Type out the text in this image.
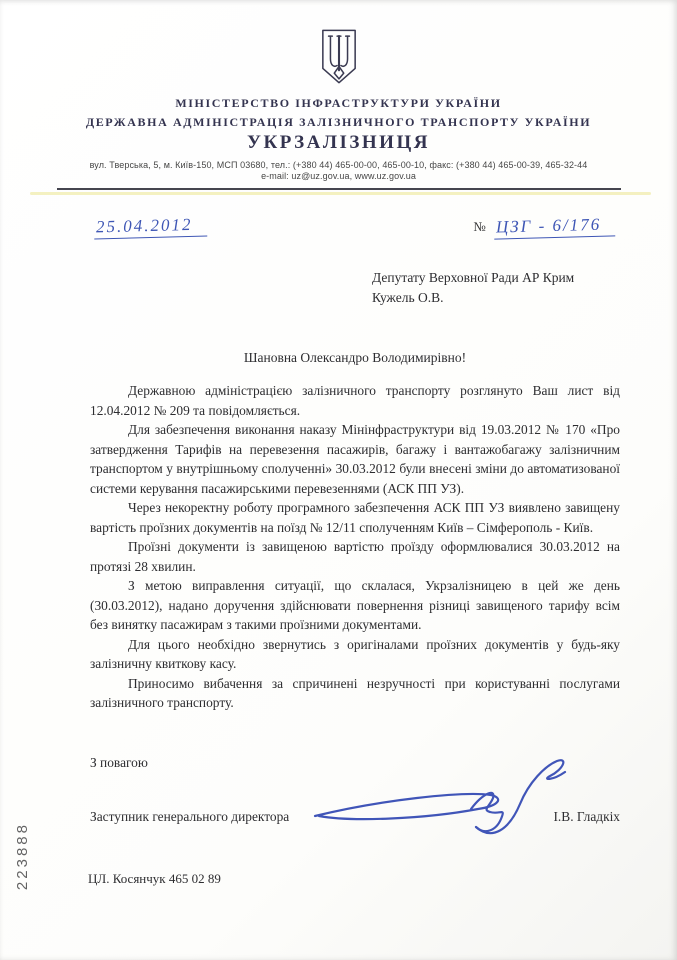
МІНІСТЕРСТВО ІНФРАСТРУКТУРИ УКРАЇНИ
ДЕРЖАВНА АДМІНІСТРАЦІЯ ЗАЛІЗНИЧНОГО ТРАНСПОРТУ УКРАЇНИ
УКРЗАЛІЗНИЦЯ
вул. Тверська, 5, м. Київ-150, МСП 03680, тел.: (+380 44) 465-00-00, 465-00-10, факс: (+380 44) 465-00-39, 465-32-44
e-mail: uz@uz.gov.ua, www.uz.gov.ua
25.04.2012	№ ЦЗГ - 6/176
Депутату Верховної Ради АР Крим
Кужель О.В.
Шановна Олександро Володимирівно!

Державною адміністрацією залізничного транспорту розглянуто Ваш лист від 12.04.2012 № 209 та повідомляється.

Для забезпечення виконання наказу Мінінфраструктури від 19.03.2012 № 170 «Про затвердження Тарифів на перевезення пасажирів, багажу і вантажобагажу залізничним транспортом у внутрішньому сполученні» 30.03.2012 були внесені зміни до автоматизованої системи керування пасажирськими перевезеннями (АСК ПП УЗ).

Через некоректну роботу програмного забезпечення АСК ПП УЗ виявлено завищену вартість проїзних документів на поїзд № 12/11 сполученням Київ – Сімферополь - Київ.

Проїзні документи із завищеною вартістю проїзду оформлювалися 30.03.2012 на протязі 28 хвилин.

З метою виправлення ситуації, що склалася, Укрзалізницею в цей же день (30.03.2012), надано доручення здійснювати повернення різниці завищеного тарифу всім без винятку пасажирам з такими проїзними документами.

Для цього необхідно звернутись з оригіналами проїзних документів у будь-яку залізничну квиткову касу.

Приносимо вибачення за спричинені незручності при користуванні послугами залізничного транспорту.

З повагою
Заступник генерального директора	І.В. Гладкіх
ЦЛ. Косянчук 465 02 89
223888
